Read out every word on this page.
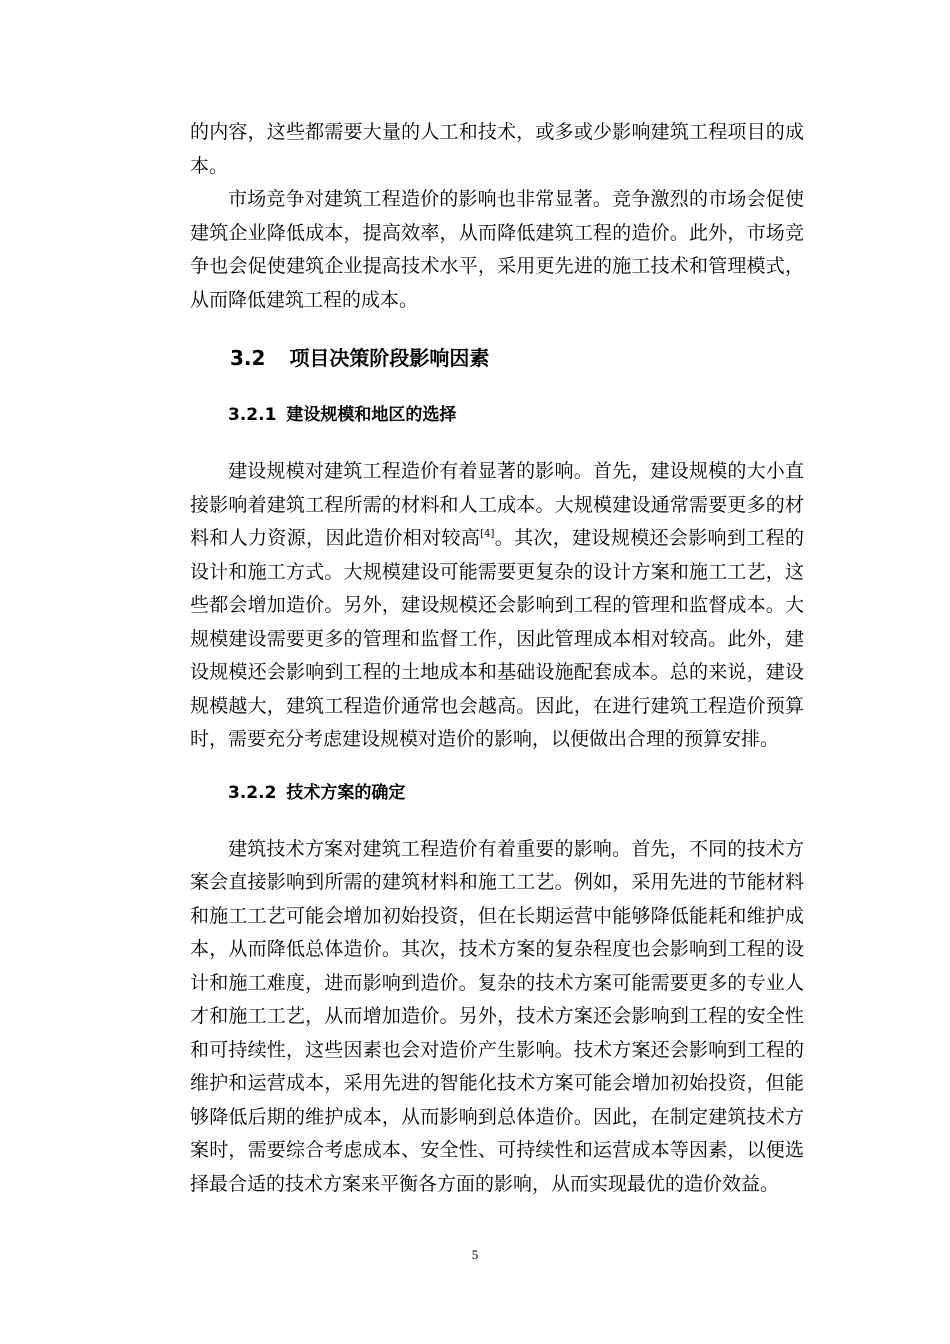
的内容，这些都需要大量的人工和技术，或多或少影响建筑工程项目的成本。

市场竞争对建筑工程造价的影响也非常显著。竞争激烈的市场会促使建筑企业降低成本，提高效率，从而降低建筑工程的造价。此外，市场竞争也会促使建筑企业提高技术水平，采用更先进的施工技术和管理模式，从而降低建筑工程的成本。

3.2 项目决策阶段影响因素
3.2.1 建设规模和地区的选择

建设规模对建筑工程造价有着显著的影响。首先，建设规模的大小直接影响着建筑工程所需的材料和人工成本。大规模建设通常需要更多的材料和人力资源，因此造价相对较高[4]。其次，建设规模还会影响到工程的设计和施工方式。大规模建设可能需要更复杂的设计方案和施工工艺，这些都会增加造价。另外，建设规模还会影响到工程的管理和监督成本。大规模建设需要更多的管理和监督工作，因此管理成本相对较高。此外，建设规模还会影响到工程的土地成本和基础设施配套成本。总的来说，建设规模越大，建筑工程造价通常也会越高。因此，在进行建筑工程造价预算时，需要充分考虑建设规模对造价的影响，以便做出合理的预算安排。

3.2.2 技术方案的确定

建筑技术方案对建筑工程造价有着重要的影响。首先，不同的技术方案会直接影响到所需的建筑材料和施工工艺。例如，采用先进的节能材料和施工工艺可能会增加初始投资，但在长期运营中能够降低能耗和维护成本，从而降低总体造价。其次，技术方案的复杂程度也会影响到工程的设计和施工难度，进而影响到造价。复杂的技术方案可能需要更多的专业人才和施工工艺，从而增加造价。另外，技术方案还会影响到工程的安全性和可持续性，这些因素也会对造价产生影响。技术方案还会影响到工程的维护和运营成本，采用先进的智能化技术方案可能会增加初始投资，但能够降低后期的维护成本，从而影响到总体造价。因此，在制定建筑技术方案时，需要综合考虑成本、安全性、可持续性和运营成本等因素，以便选择最合适的技术方案来平衡各方面的影响，从而实现最优的造价效益。

5
